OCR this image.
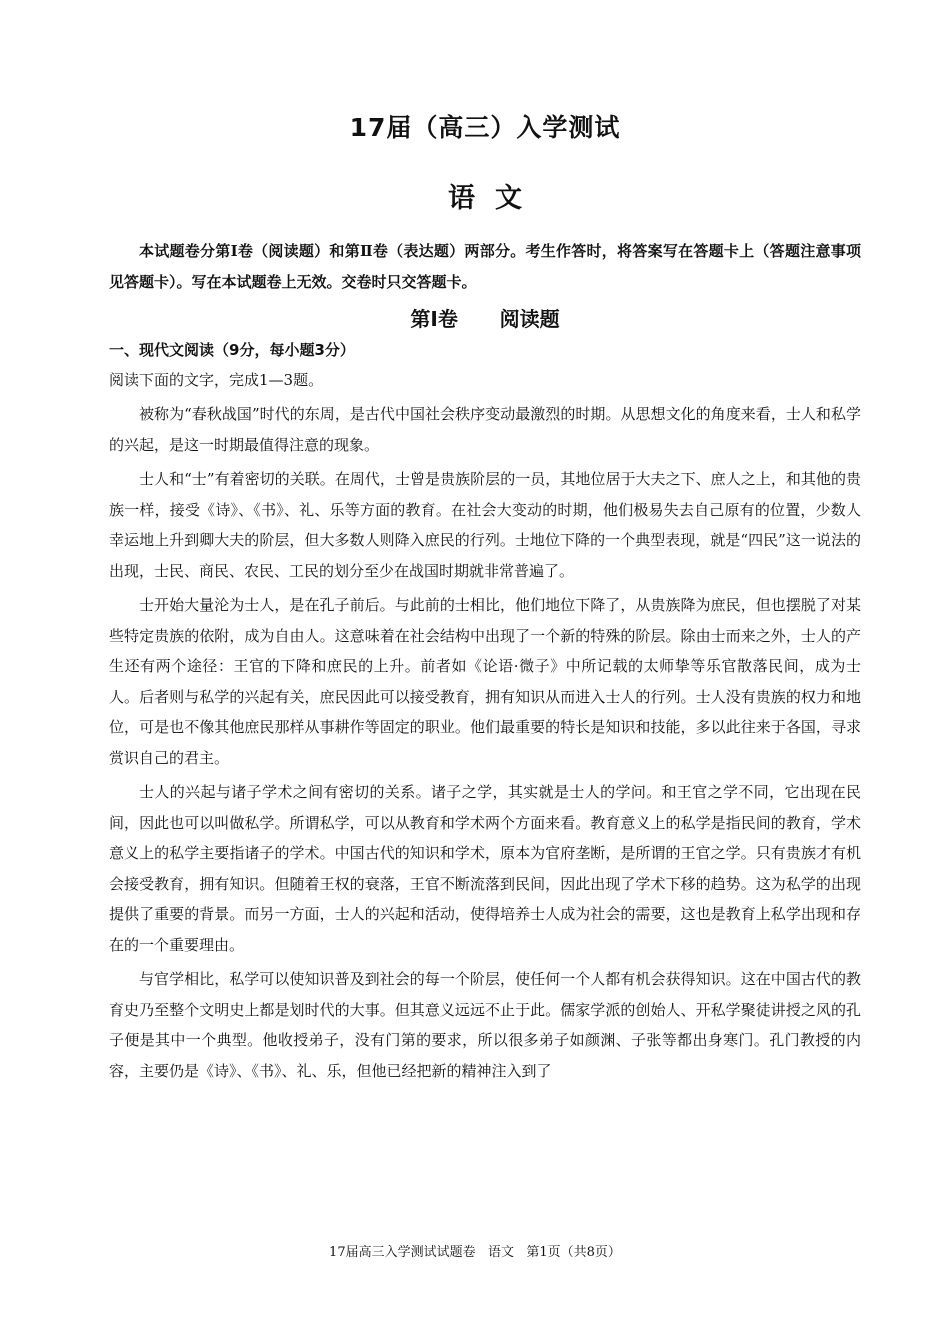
17届（高三）入学测试
语文

本试题卷分第Ⅰ卷（阅读题）和第Ⅱ卷（表达题）两部分。考生作答时，将答案写在答题卡上（答题注意事项见答题卡）。写在本试题卷上无效。交卷时只交答题卡。

第Ⅰ卷      阅读题

一、现代文阅读（9分，每小题3分）

阅读下面的文字，完成1—3题。

被称为“春秋战国”时代的东周，是古代中国社会秩序变动最激烈的时期。从思想文化的角度来看，士人和私学的兴起，是这一时期最值得注意的现象。

士人和“士”有着密切的关联。在周代，士曾是贵族阶层的一员，其地位居于大夫之下、庶人之上，和其他的贵族一样，接受《诗》、《书》、礼、乐等方面的教育。在社会大变动的时期，他们极易失去自己原有的位置，少数人幸运地上升到卿大夫的阶层，但大多数人则降入庶民的行列。士地位下降的一个典型表现，就是“四民”这一说法的出现，士民、商民、农民、工民的划分至少在战国时期就非常普遍了。

士开始大量沦为士人，是在孔子前后。与此前的士相比，他们地位下降了，从贵族降为庶民，但也摆脱了对某些特定贵族的依附，成为自由人。这意味着在社会结构中出现了一个新的特殊的阶层。除由士而来之外，士人的产生还有两个途径：王官的下降和庶民的上升。前者如《论语·微子》中所记载的太师挚等乐官散落民间，成为士人。后者则与私学的兴起有关，庶民因此可以接受教育，拥有知识从而进入士人的行列。士人没有贵族的权力和地位，可是也不像其他庶民那样从事耕作等固定的职业。他们最重要的特长是知识和技能，多以此往来于各国，寻求赏识自己的君主。

士人的兴起与诸子学术之间有密切的关系。诸子之学，其实就是士人的学问。和王官之学不同，它出现在民间，因此也可以叫做私学。所谓私学，可以从教育和学术两个方面来看。教育意义上的私学是指民间的教育，学术意义上的私学主要指诸子的学术。中国古代的知识和学术，原本为官府垄断，是所谓的王官之学。只有贵族才有机会接受教育，拥有知识。但随着王权的衰落，王官不断流落到民间，因此出现了学术下移的趋势。这为私学的出现提供了重要的背景。而另一方面，士人的兴起和活动，使得培养士人成为社会的需要，这也是教育上私学出现和存在的一个重要理由。

与官学相比，私学可以使知识普及到社会的每一个阶层，使任何一个人都有机会获得知识。这在中国古代的教育史乃至整个文明史上都是划时代的大事。但其意义远远不止于此。儒家学派的创始人、开私学聚徒讲授之风的孔子便是其中一个典型。他收授弟子，没有门第的要求，所以很多弟子如颜渊、子张等都出身寒门。孔门教授的内容，主要仍是《诗》、《书》、礼、乐，但他已经把新的精神注入到了

17届高三入学测试试题卷   语文   第1页（共8页）
